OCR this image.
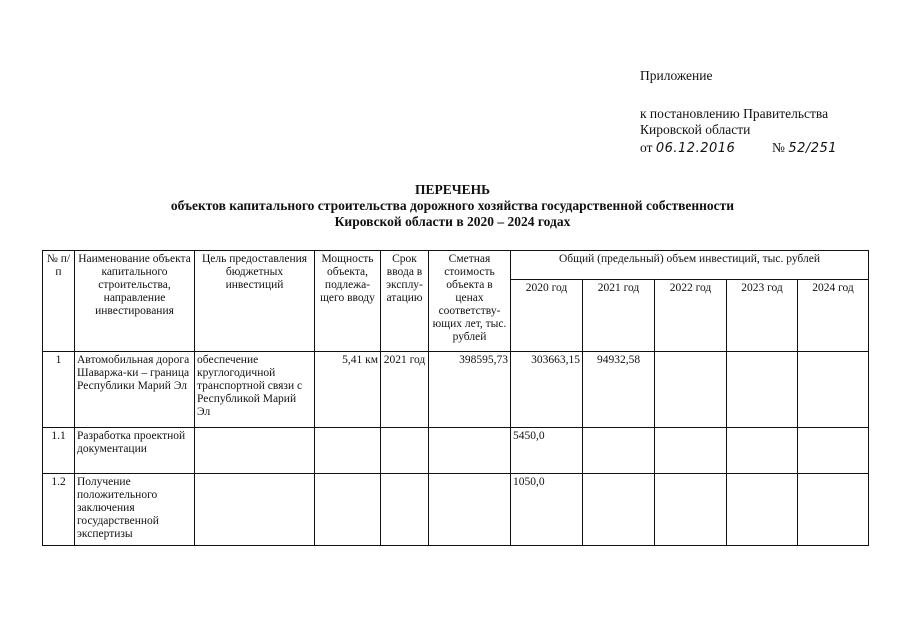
Приложение
к постановлению Правительства
Кировской области
от 06.12.2016	№ 52/251
ПЕРЕЧЕНЬ
объектов капитального строительства дорожного хозяйства государственной собственности
Кировской области в 2020 – 2024 годах
№ п/п	Наименование объекта капитального строительства, направление инвестирования	Цель предоставления бюджетных инвестиций	Мощность объекта, подлежа-щего вводу	Срок ввода в эксплу-атацию	Сметная стоимость объекта в ценах соответству-ющих лет, тыс. рублей	Общий (предельный) объем инвестиций, тыс. рублей				
						2020 год	2021 год	2022 год	2023 год	2024 год
1	Автомобильная дорога Шаваржа-ки – граница Республики Марий Эл	обеспечение круглогодичной транспортной связи с Республикой Марий Эл	5,41 км	2021 год	398595,73	303663,15	94932,58			
1.1	Разработка проектной документации					5450,0				
1.2	Получение положительного заключения государственной экспертизы					1050,0				
